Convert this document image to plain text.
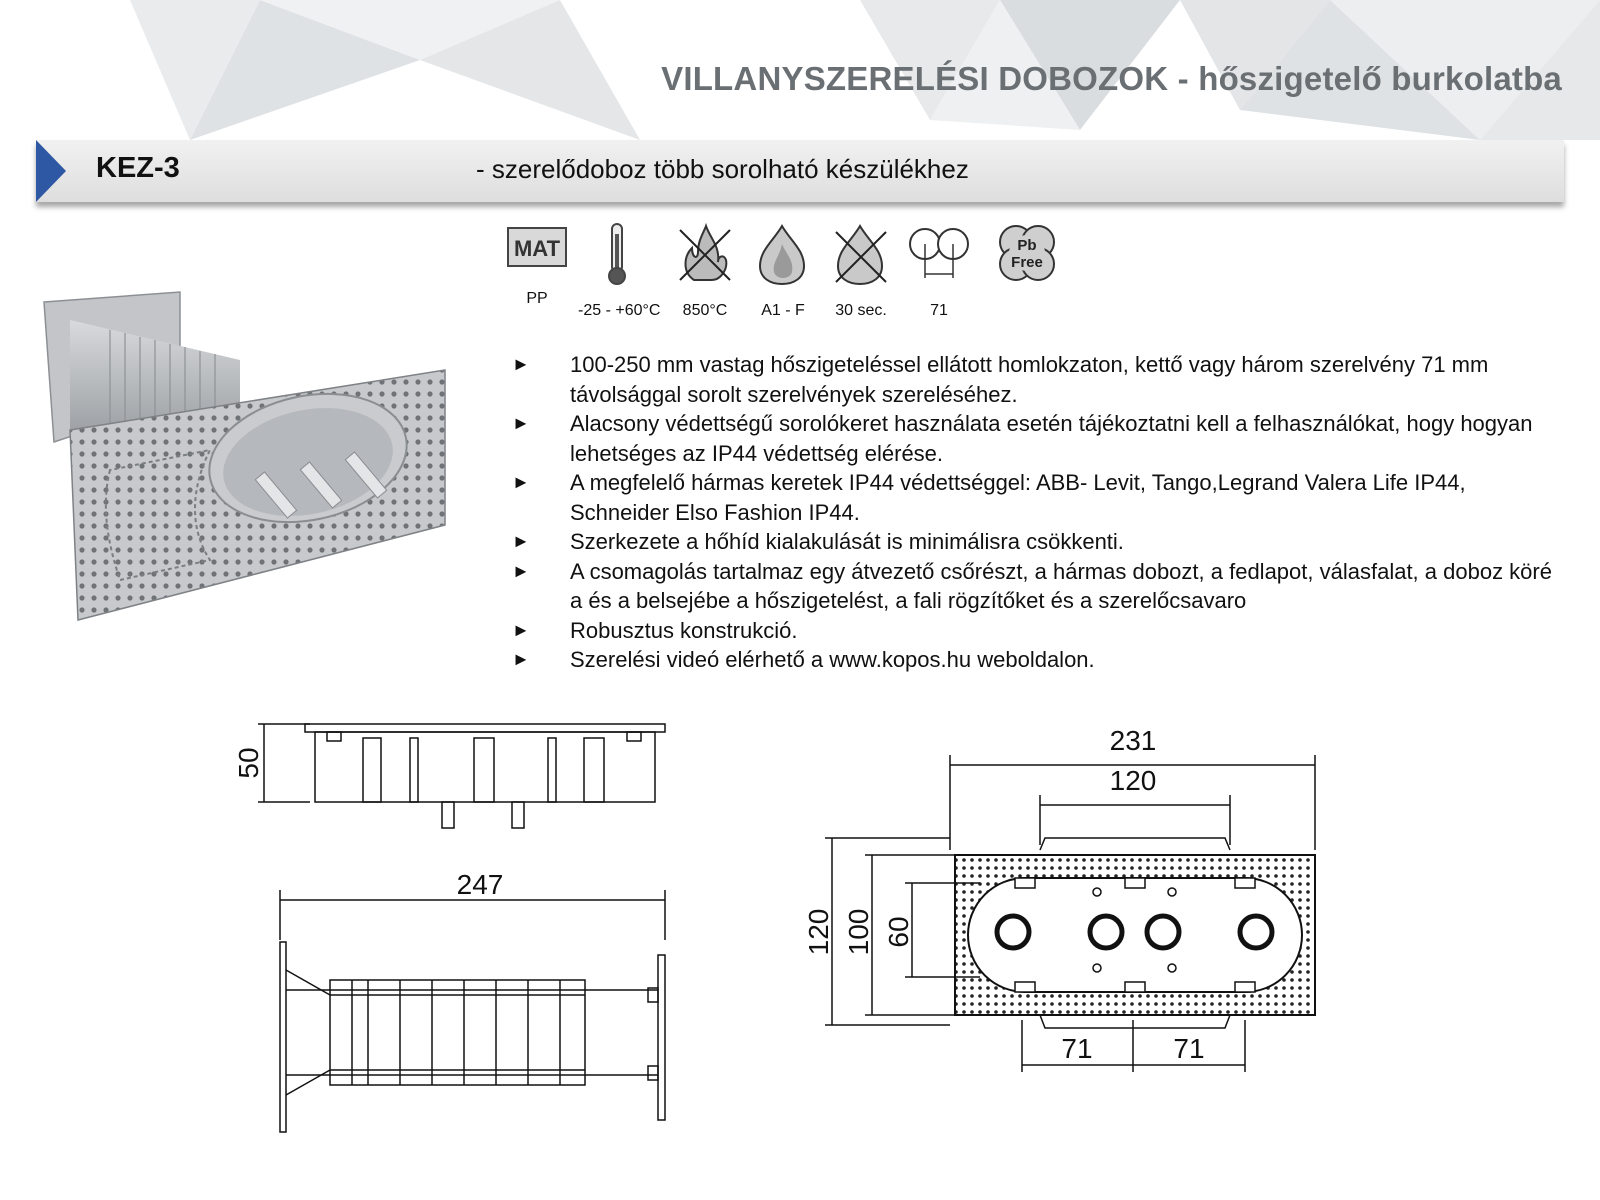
VILLANYSZERELÉSI DOBOZOK - hőszigetelő burkolatba
KEZ-3	- szerelődoboz több sorolható készülékhez
MAT
PP
-25 - +60°C	850°C	A1 - F	30 sec.	71
Pb
Free
► 100-250 mm vastag hőszigeteléssel ellátott homlokzaton, kettő vagy három szerelvény 71 mm távolsággal sorolt szerelvények szereléséhez.
► Alacsony védettségű sorolókeret használata esetén tájékoztatni kell a felhasználókat, hogy hogyan lehetséges az IP44 védettség elérése.
► A megfelelő hármas keretek IP44 védettséggel: ABB- Levit, Tango,Legrand Valera Life IP44, Schneider Elso Fashion IP44.
► Szerkezete a hőhíd kialakulását is minimálisra csökkenti.
► A csomagolás tartalmaz egy átvezető csőrészt, a hármas dobozt, a fedlapot, válasfalat, a doboz köré a és a belsejébe a hőszigetelést, a fali rögzítőket és a szerelőcsavaro
► Robusztus konstrukció.
► Szerelési videó elérhető a www.kopos.hu weboldalon.
50
247
231
120
120 100 60
71	71
